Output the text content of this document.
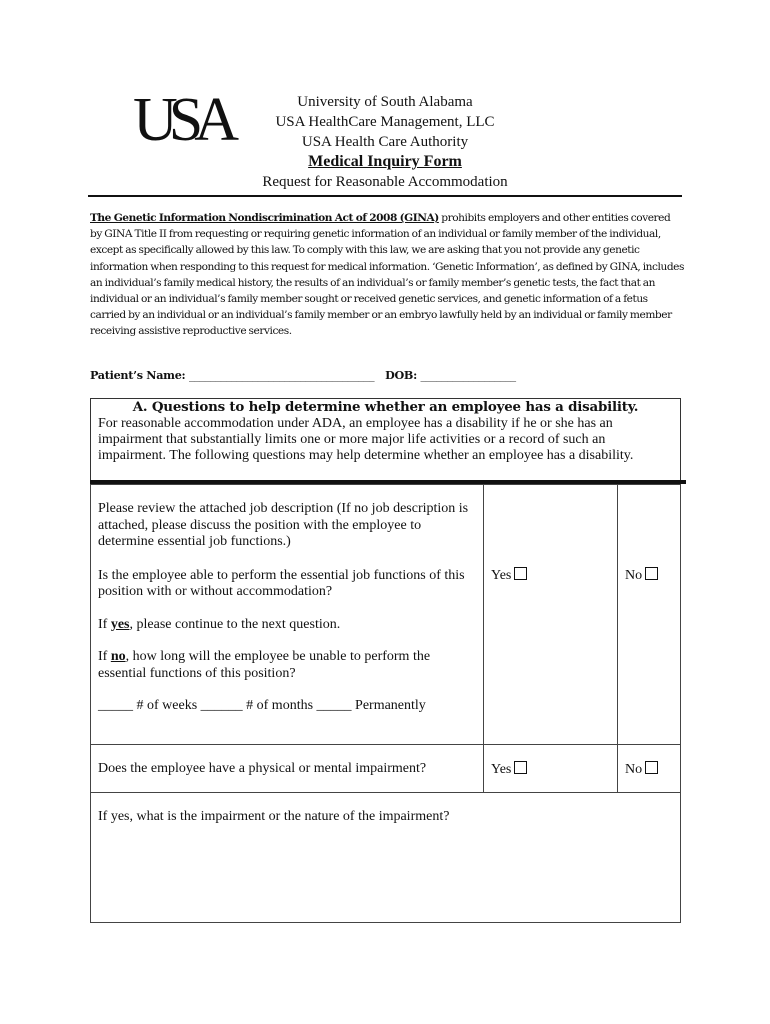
USA	University of South Alabama
USA HealthCare Management, LLC
USA Health Care Authority
Medical Inquiry Form
Request for Reasonable Accommodation
The Genetic Information Nondiscrimination Act of 2008 (GINA) prohibits employers and other entities covered by GINA Title II from requesting or requiring genetic information of an individual or family member of the individual, except as specifically allowed by this law. To comply with this law, we are asking that you not provide any genetic information when responding to this request for medical information. ‘Genetic Information’, as defined by GINA, includes an individual’s family medical history, the results of an individual’s or family member’s genetic tests, the fact that an individual or an individual’s family member sought or received genetic services, and genetic information of a fetus carried by an individual or an individual’s family member or an embryo lawfully held by an individual or family member receiving assistive reproductive services.
Patient’s Name: ___________________________________ DOB: __________________
A. Questions to help determine whether an employee has a disability.
For reasonable accommodation under ADA, an employee has a disability if he or she has an impairment that substantially limits one or more major life activities or a record of such an impairment. The following questions may help determine whether an employee has a disability.

Please review the attached job description (If no job description is attached, please discuss the position with the employee to determine essential job functions.)

Is the employee able to perform the essential job functions of this position with or without accommodation?

If yes, please continue to the next question.

If no, how long will the employee be unable to perform the essential functions of this position?

_____ # of weeks ______ # of months _____ Permanently	Yes	No
Does the employee have a physical or mental impairment?	Yes	No
If yes, what is the impairment or the nature of the impairment?		
